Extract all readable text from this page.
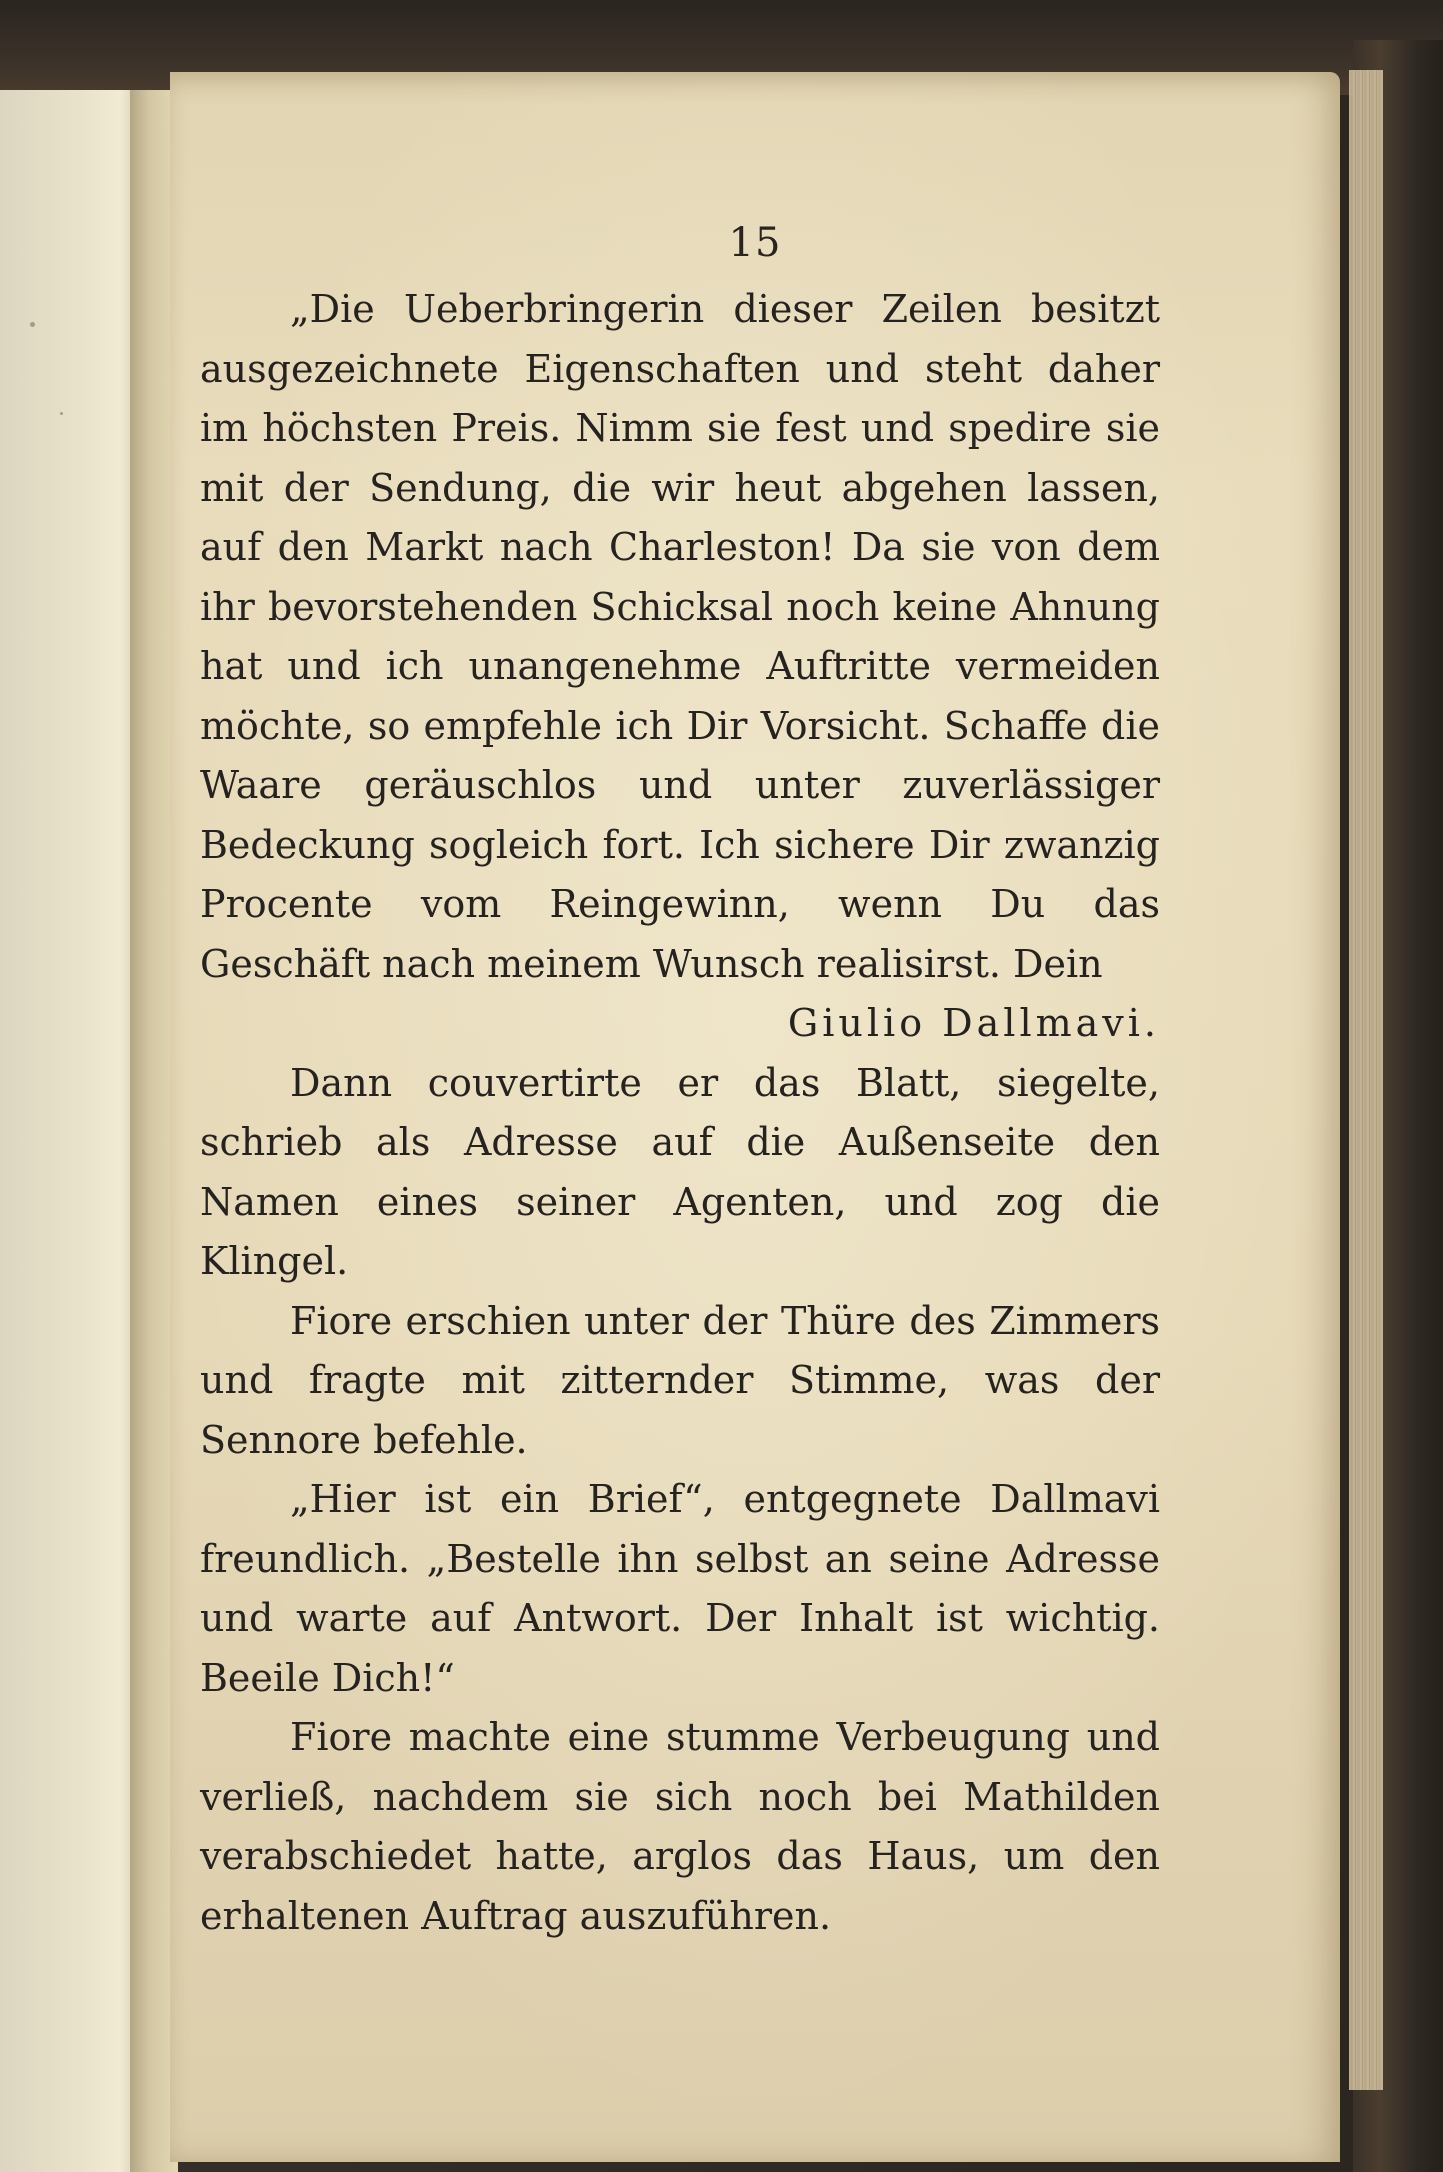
15

„Die Ueberbringerin dieser Zeilen besitzt ausgezeichnete Eigenschaften und steht daher im höchsten Preis. Nimm sie fest und spedire sie mit der Sendung, die wir heut abgehen lassen, auf den Markt nach Charleston! Da sie von dem ihr bevorstehenden Schicksal noch keine Ahnung hat und ich unangenehme Auftritte vermeiden möchte, so empfehle ich Dir Vorsicht. Schaffe die Waare geräuschlos und unter zuverlässiger Bedeckung sogleich fort. Ich sichere Dir zwanzig Procente vom Reingewinn, wenn Du das Geschäft nach meinem Wunsch realisirst. Dein

Giulio Dallmavi.

Dann couvertirte er das Blatt, siegelte, schrieb als Adresse auf die Außenseite den Namen eines seiner Agenten, und zog die Klingel.

Fiore erschien unter der Thüre des Zimmers und fragte mit zitternder Stimme, was der Sennore befehle.

„Hier ist ein Brief“, entgegnete Dallmavi freundlich. „Bestelle ihn selbst an seine Adresse und warte auf Antwort. Der Inhalt ist wichtig. Beeile Dich!“

Fiore machte eine stumme Verbeugung und verließ, nachdem sie sich noch bei Mathilden verabschiedet hatte, arglos das Haus, um den erhaltenen Auftrag auszuführen.
